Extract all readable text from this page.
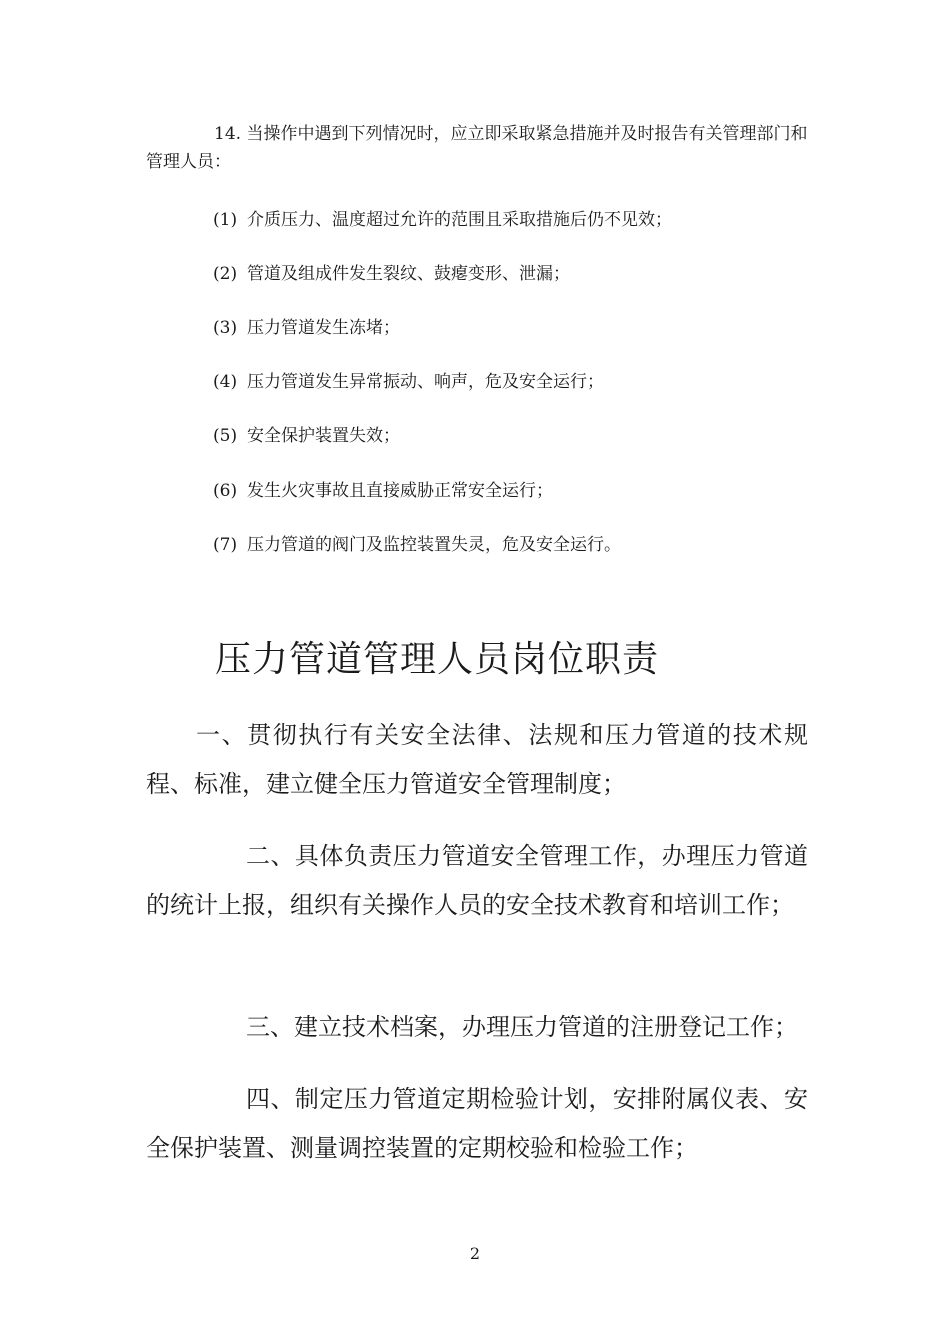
14. 当操作中遇到下列情况时，应立即采取紧急措施并及时报告有关管理部门和管理人员：
(1) 介质压力、温度超过允许的范围且采取措施后仍不见效；
(2) 管道及组成件发生裂纹、鼓瘪变形、泄漏；
(3) 压力管道发生冻堵；
(4) 压力管道发生异常振动、响声，危及安全运行；
(5) 安全保护装置失效；
(6) 发生火灾事故且直接威胁正常安全运行；
(7) 压力管道的阀门及监控装置失灵，危及安全运行。
压力管道管理人员岗位职责
一、贯彻执行有关安全法律、法规和压力管道的技术规程、标准，建立健全压力管道安全管理制度；
二、具体负责压力管道安全管理工作，办理压力管道的统计上报，组织有关操作人员的安全技术教育和培训工作；
三、建立技术档案，办理压力管道的注册登记工作；
四、制定压力管道定期检验计划，安排附属仪表、安全保护装置、测量调控装置的定期校验和检验工作；
2
